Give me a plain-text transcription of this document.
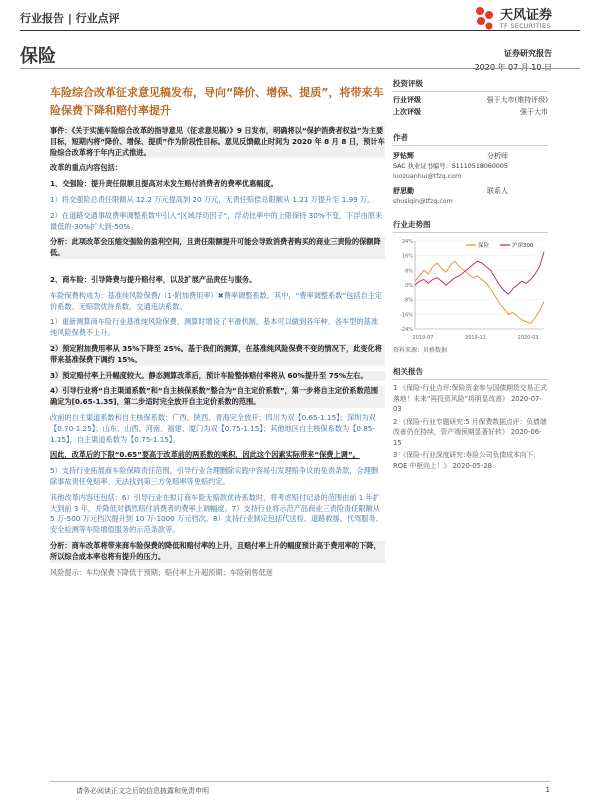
行业报告 | 行业点评	天风证券
TF SECURITIES
保险	证券研究报告
车险综合改革征求意见稿发布，导向“降价、增保、提质”，将带来车险保费下降和赔付率提升

事件：《关于实施车险综合改革的指导意见（征求意见稿）》9 日发布，明确将以“保护消费者权益”为主要目标，短期内将“降价、增保、提质”作为阶段性目标。意见反馈截止时间为 2020 年 8 月 8 日，预计车险综合改革将于年内正式推进。

改革的重点内容包括：

1、交强险：提升责任限额且提高对未发生赔付消费者的费率优惠幅度。

1）将交强险总责任限额从 12.2 万元提高到 20 万元，无责任赔偿总限额从 1.21 万提升至 1.99 万。

2）在道路交通事故费率调整系数中引入“区域浮动因子”，浮动比率中的上限保持 30%不变，下浮由原来最低的-30%扩大到-50%。

分析：此项改革会压缩交强险的盈利空间，且责任限额提升可能会导致消费者购买的商业三责险的保额降低。

2、商车险：引导降费与提升赔付率，以及扩展产品责任与服务。

车险保费构成为：基准纯风险保费/（1-附加费用率）✖费率调整系数。其中，“费率调整系数”包括自主定价系数、无赔款优待系数、交通违法系数。

1）重新测算商车险行业基准纯风险保费，测算时增设了平滑机制，基本可以做到各年种、各车型的基准纯风险保费不上升。

2）预定附加费用率从 35%下降至 25%。基于我们的测算，在基准纯风险保费不变的情况下，此变化将带来基准保费下调约 15%。

3）预定赔付率上升幅度较大。静态测算改革后，预计车险整体赔付率将从 60%提升至 75%左右。

4）引导行业将“自主渠道系数”和“自主核保系数”整合为“自主定价系数”，第一步将自主定价系数范围确定为[0.65-1.35]，第二步适时完全放开自主定价系数的范围。

改前的自主渠道系数和自主核保系数：广西、陕西、青海完全放开；四川为双【0.65-1.15】；深圳为双【0.70-1.25】；山东、山西、河南、福建、厦门为双【0.75-1.15】；其他地区自主核保系数为【0.85-1.15】，自主渠道系数为【0.75-1.15】。

因此，改革后的下限“0.65”要高于改革前的两系数的乘积，因此这个因素实际带来“保费上调”。

5）支持行业拓展商车险保障责任范围。引导行业合理删除实践中容易引发理赔争议的免责条款，合理删除事故责任免赔率、无法找到第三方免赔率等免赔约定。

其他改革内容还包括：6）引导行业在拟订商车险无赔款优待系数时，将考虑赔付记录的范围由前 1 年扩大到前 3 年，并降低对偶然赔付消费者的费率上调幅度。7）支持行业将示范产品商业三责险责任限额从 5 万-500 万元档次提升到 10 万-1000 万元档次。8）支持行业制定包括代送检、道路救援、代驾服务、安全检测等车险增值服务的示范条款等。

分析：商车改革将带来商车险保费的降低和赔付率的上升，且赔付率上升的幅度预计高于费用率的下降，所以综合成本率也将有提升的压力。

风险提示：车均保费下降低于预期；赔付率上升超预期；车险销售低迷

投资评级
行业评级	强于大市(维持评级)
上次评级	强于大市
作者
罗钻辉	分析师
SAC 执业证书编号：S1110518060005
luozuanhui@tfzq.com
舒思勤	联系人
shusiqin@tfzq.com
行业走势图
24%
16%
8%
0%
-8%
-16%
-24%
2019-07	2019-11	2020-03
保险	沪深300
资料来源：贝格数据
相关报告
1 《保险-行业点评:保险资金参与国债期货交易正式落地！未来“再投资风险”将明显改善》 2020-07-03
2 《保险-行业专题研究:5 月保费数据点评：负债端改善仍在持续，资产端预期显著好转》 2020-06-15
3 《保险-行业深度研究:寿险公司负债成本向下，ROE 中枢向上！》 2020-05-28
请务必阅读正文之后的信息披露和免责申明	1
